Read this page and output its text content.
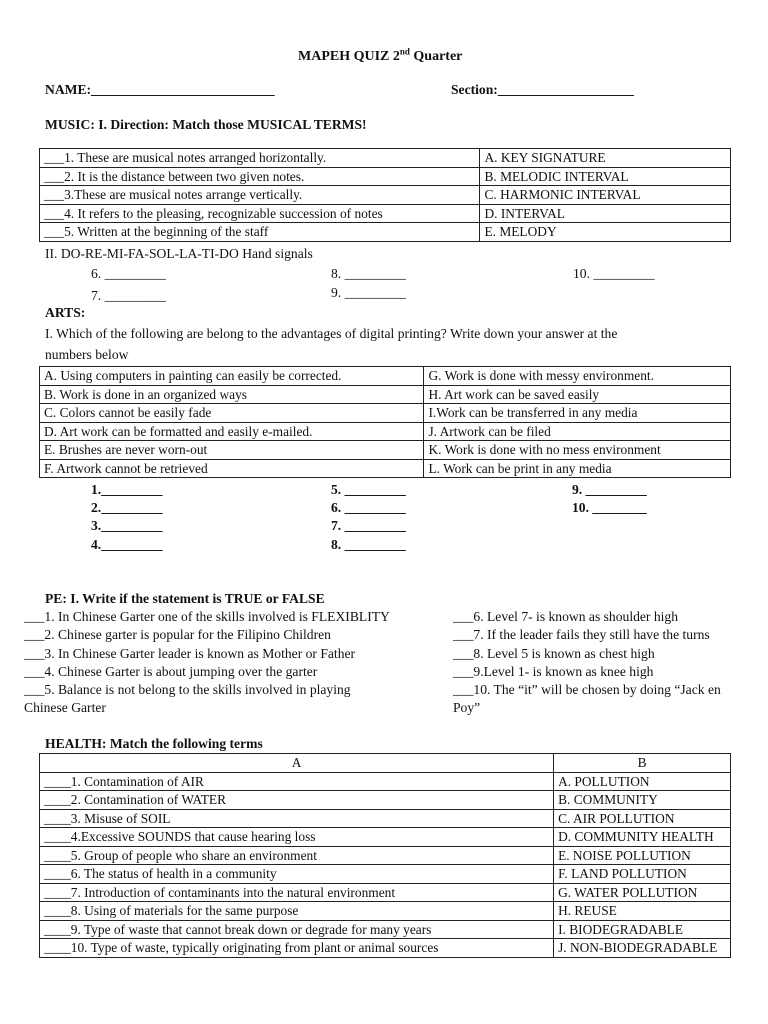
MAPEH QUIZ 2nd Quarter
NAME:___________________________	Section:____________________
MUSIC: I. Direction: Match those MUSICAL TERMS!
___1. These are musical notes arranged horizontally.	A. KEY SIGNATURE
___2. It is the distance between two given notes.	B. MELODIC INTERVAL
___3.These are musical notes arrange vertically.	C. HARMONIC INTERVAL
___4. It refers to the pleasing, recognizable succession of notes	D. INTERVAL
___5. Written at the beginning of the staff	E. MELODY
II. DO-RE-MI-FA-SOL-LA-TI-DO Hand signals
6. _________
7. _________
8. _________
9. _________
10. _________
ARTS:
I. Which of the following are belong to the advantages of digital printing? Write down your answer at the
numbers below
A. Using computers in painting can easily be corrected.	G. Work is done with messy environment.
B. Work is done in an organized ways	H. Art work can be saved easily
C. Colors cannot be easily fade	I.Work can be transferred in any media
D. Art work can be formatted and easily e-mailed.	J. Artwork can be filed
E. Brushes are never worn-out	K. Work is done with no mess environment
F. Artwork cannot be retrieved	L. Work can be print in any media
1._________
2._________
3._________
4._________
5. _________
6. _________
7. _________
8. _________
9. _________
10. ________
PE: I. Write if the statement is TRUE or FALSE
___1. In Chinese Garter one of the skills involved is FLEXIBLITY
___2. Chinese garter is popular for the Filipino Children
___3. In Chinese Garter leader is known as Mother or Father
___4. Chinese Garter is about jumping over the garter
___5. Balance is not belong to the skills involved in playing
Chinese Garter
___6. Level 7- is known as shoulder high
___7. If the leader fails they still have the turns
___8. Level 5 is known as chest high
___9.Level 1- is known as knee high
___10. The “it” will be chosen by doing “Jack en
Poy”
HEALTH: Match the following terms
A	B
____1. Contamination of AIR	A. POLLUTION
____2. Contamination of WATER	B. COMMUNITY
____3. Misuse of SOIL	C. AIR POLLUTION
____4.Excessive SOUNDS that cause hearing loss	D. COMMUNITY HEALTH
____5. Group of people who share an environment	E. NOISE POLLUTION
____6. The status of health in a community	F. LAND POLLUTION
____7. Introduction of contaminants into the natural environment	G. WATER POLLUTION
____8. Using of materials for the same purpose	H. REUSE
____9. Type of waste that cannot break down or degrade for many years	I. BIODEGRADABLE
____10. Type of waste, typically originating from plant or animal sources	J. NON-BIODEGRADABLE
